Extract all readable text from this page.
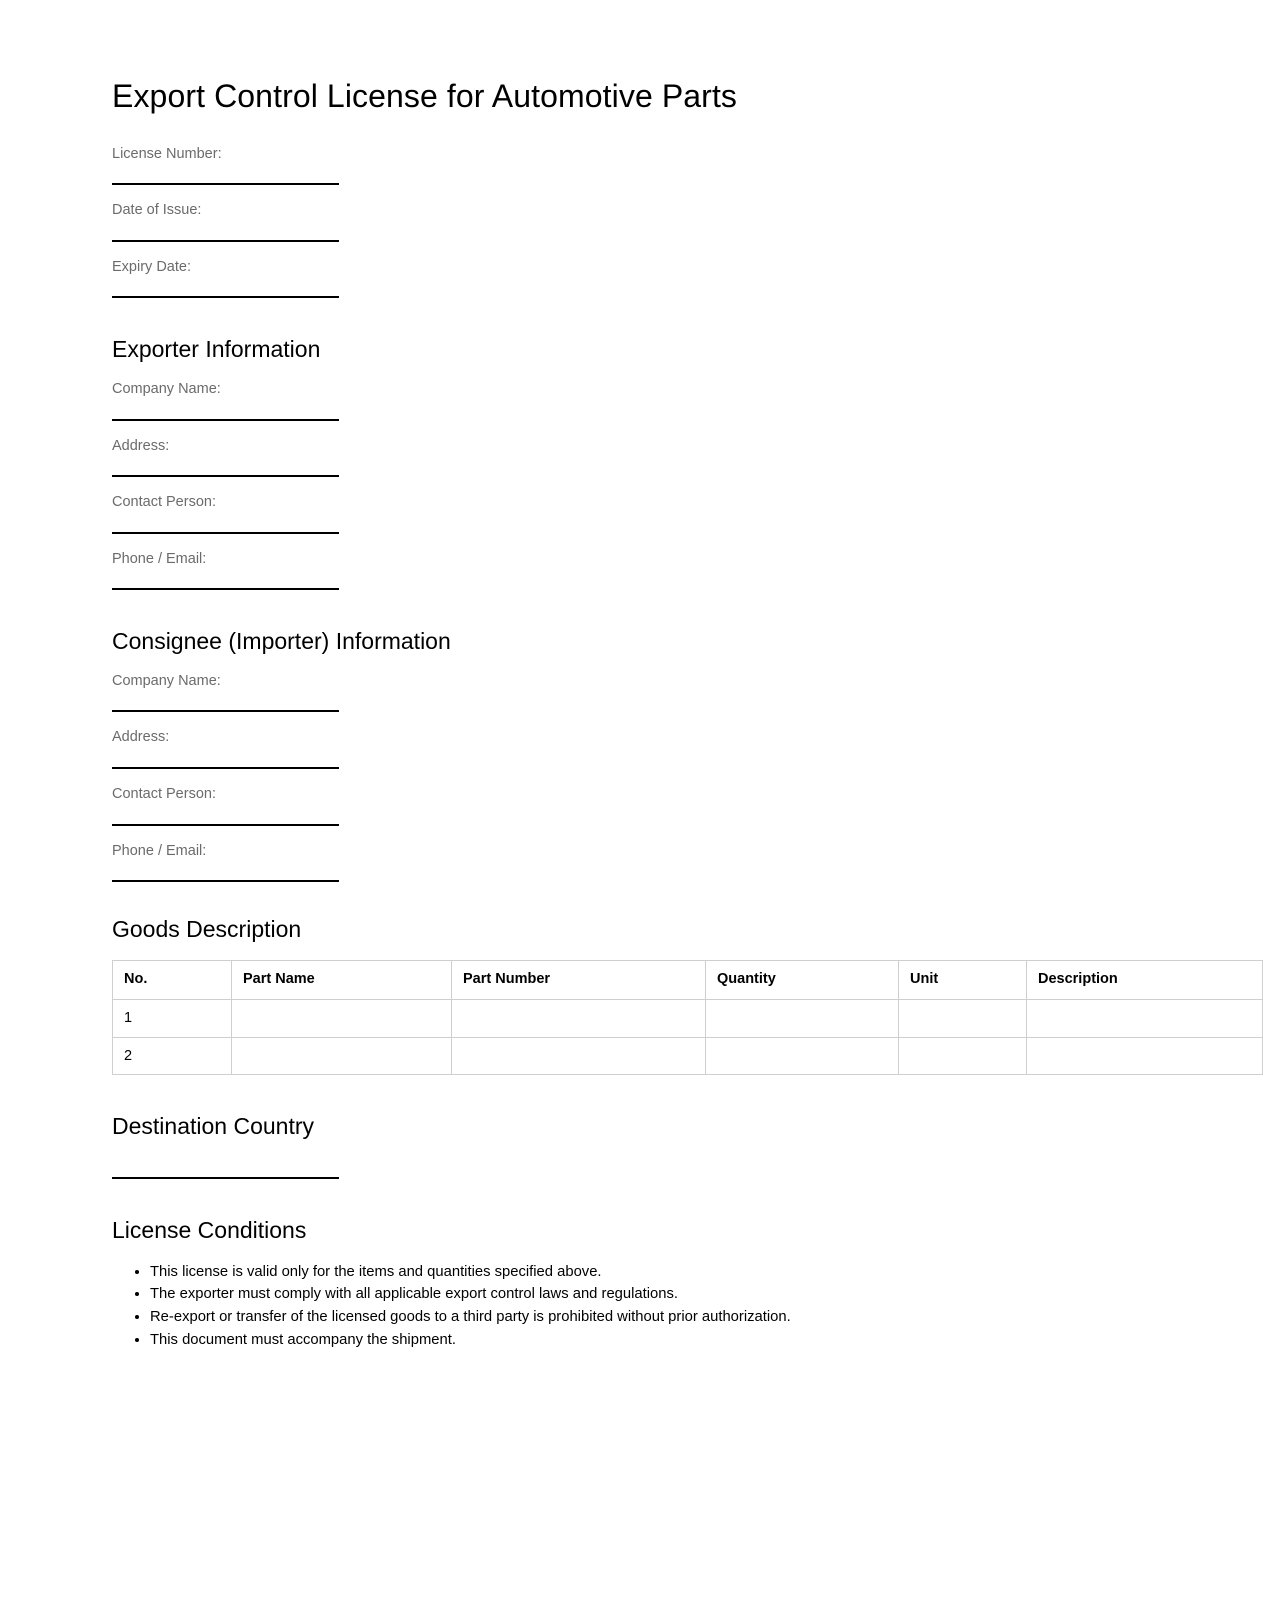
Export Control License for Automotive Parts
License Number:
Date of Issue:
Expiry Date:
Exporter Information
Company Name:
Address:
Contact Person:
Phone / Email:
Consignee (Importer) Information
Company Name:
Address:
Contact Person:
Phone / Email:
Goods Description
No.	Part Name	Part Number	Quantity	Unit	Description
1					
2					
Destination Country
License Conditions
• This license is valid only for the items and quantities specified above.
• The exporter must comply with all applicable export control laws and regulations.
• Re-export or transfer of the licensed goods to a third party is prohibited without prior authorization.
• This document must accompany the shipment.
